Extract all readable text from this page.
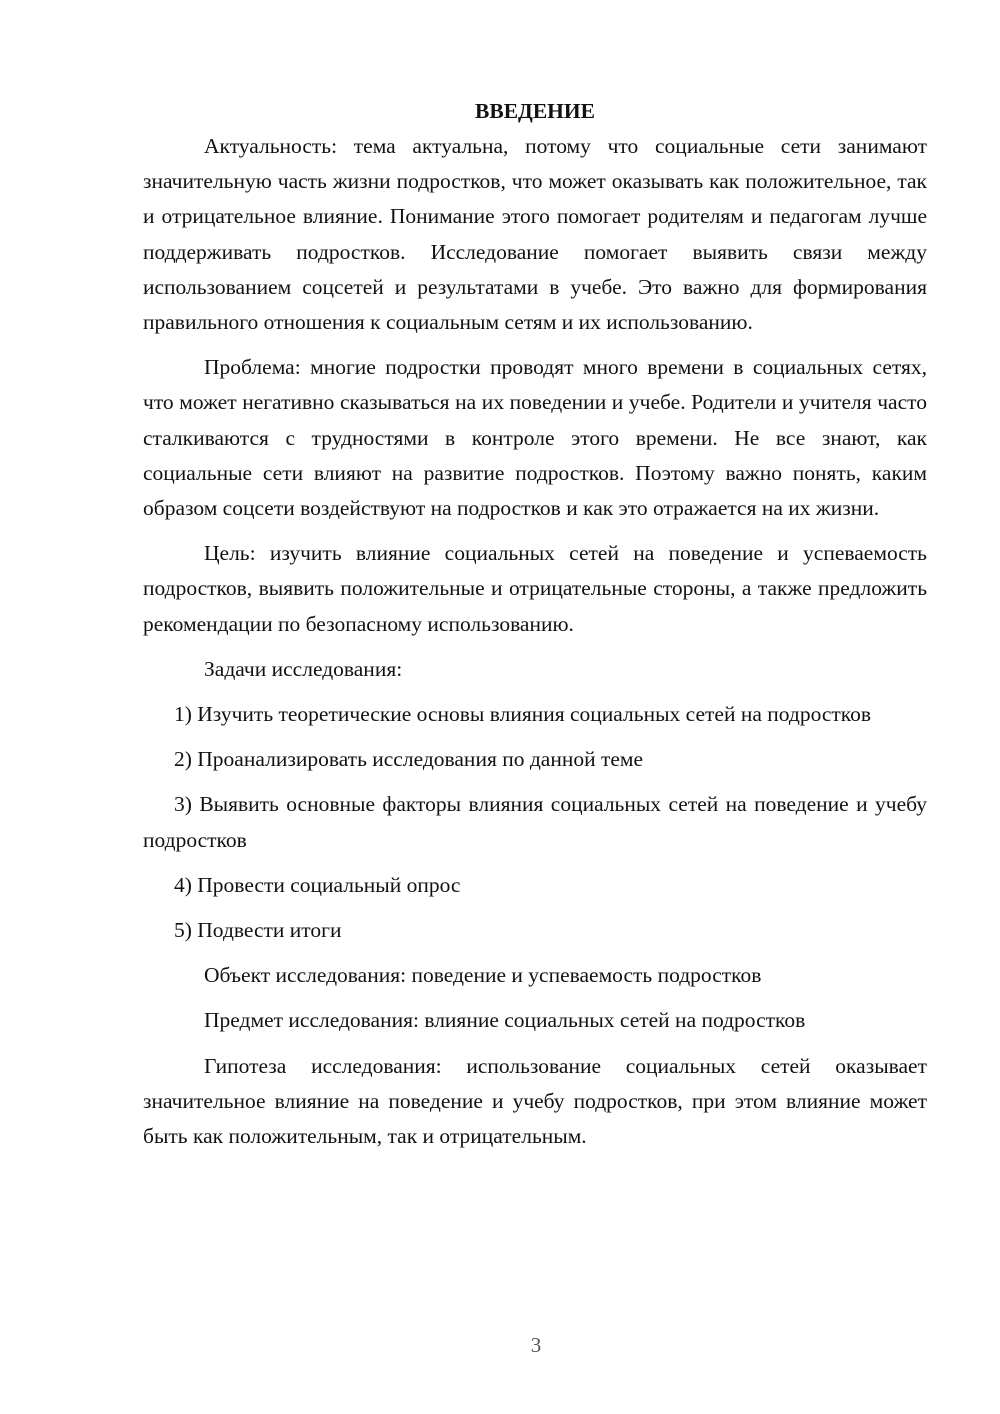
ВВЕДЕНИЕ

Актуальность: тема актуальна, потому что социальные сети занимают значительную часть жизни подростков, что может оказывать как положительное, так и отрицательное влияние. Понимание этого помогает родителям и педагогам лучше поддерживать подростков. Исследование помогает выявить связи между использованием соцсетей и результатами в учебе. Это важно для формирования правильного отношения к социальным сетям и их использованию.

Проблема: многие подростки проводят много времени в социальных сетях, что может негативно сказываться на их поведении и учебе. Родители и учителя часто сталкиваются с трудностями в контроле этого времени. Не все знают, как социальные сети влияют на развитие подростков. Поэтому важно понять, каким образом соцсети воздействуют на подростков и как это отражается на их жизни.

Цель: изучить влияние социальных сетей на поведение и успеваемость подростков, выявить положительные и отрицательные стороны, а также предложить рекомендации по безопасному использованию.

Задачи исследования:

1) Изучить теоретические основы влияния социальных сетей на подростков

2) Проанализировать исследования по данной теме

3) Выявить основные факторы влияния социальных сетей на поведение и учебу подростков

4) Провести социальный опрос

5) Подвести итоги

Объект исследования: поведение и успеваемость подростков

Предмет исследования: влияние социальных сетей на подростков

Гипотеза исследования: использование социальных сетей оказывает значительное влияние на поведение и учебу подростков, при этом влияние может быть как положительным, так и отрицательным.

3
